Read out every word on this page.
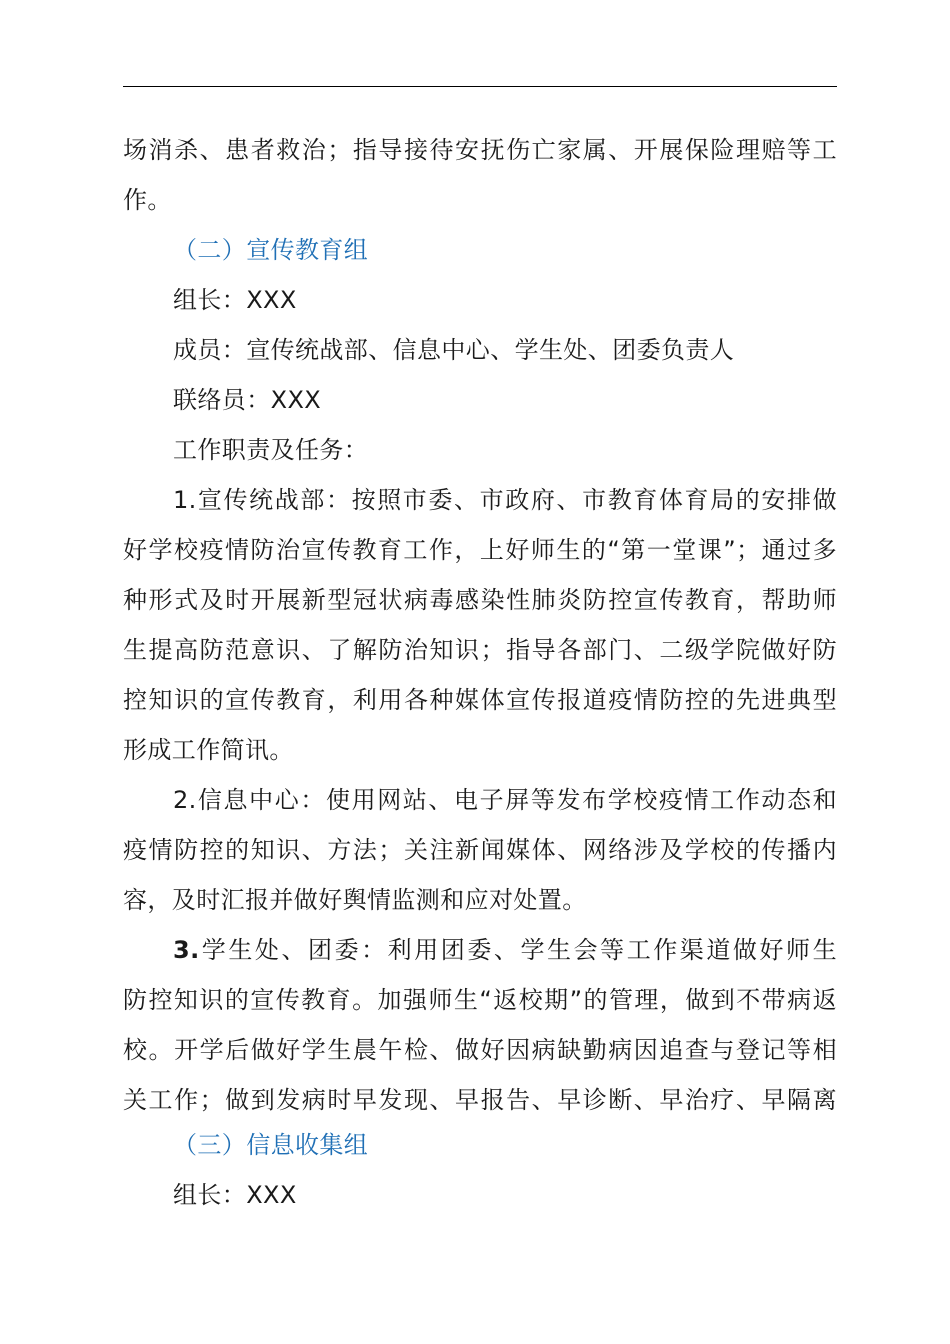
场消杀、患者救治；指导接待安抚伤亡家属、开展保险理赔等工
作。
（二）宣传教育组
组长：XXX
成员：宣传统战部、信息中心、学生处、团委负责人
联络员：XXX
工作职责及任务：
1.宣传统战部：按照市委、市政府、市教育体育局的安排做
好学校疫情防治宣传教育工作，上好师生的“第一堂课”；通过多
种形式及时开展新型冠状病毒感染性肺炎防控宣传教育，帮助师
生提高防范意识、了解防治知识；指导各部门、二级学院做好防
控知识的宣传教育，利用各种媒体宣传报道疫情防控的先进典型
形成工作简讯。
2.信息中心：使用网站、电子屏等发布学校疫情工作动态和
疫情防控的知识、方法；关注新闻媒体、网络涉及学校的传播内
容，及时汇报并做好舆情监测和应对处置。
3.学生处、团委：利用团委、学生会等工作渠道做好师生
防控知识的宣传教育。加强师生“返校期”的管理，做到不带病返
校。开学后做好学生晨午检、做好因病缺勤病因追查与登记等相
关工作；做到发病时早发现、早报告、早诊断、早治疗、早隔离
（三）信息收集组
组长：XXX
